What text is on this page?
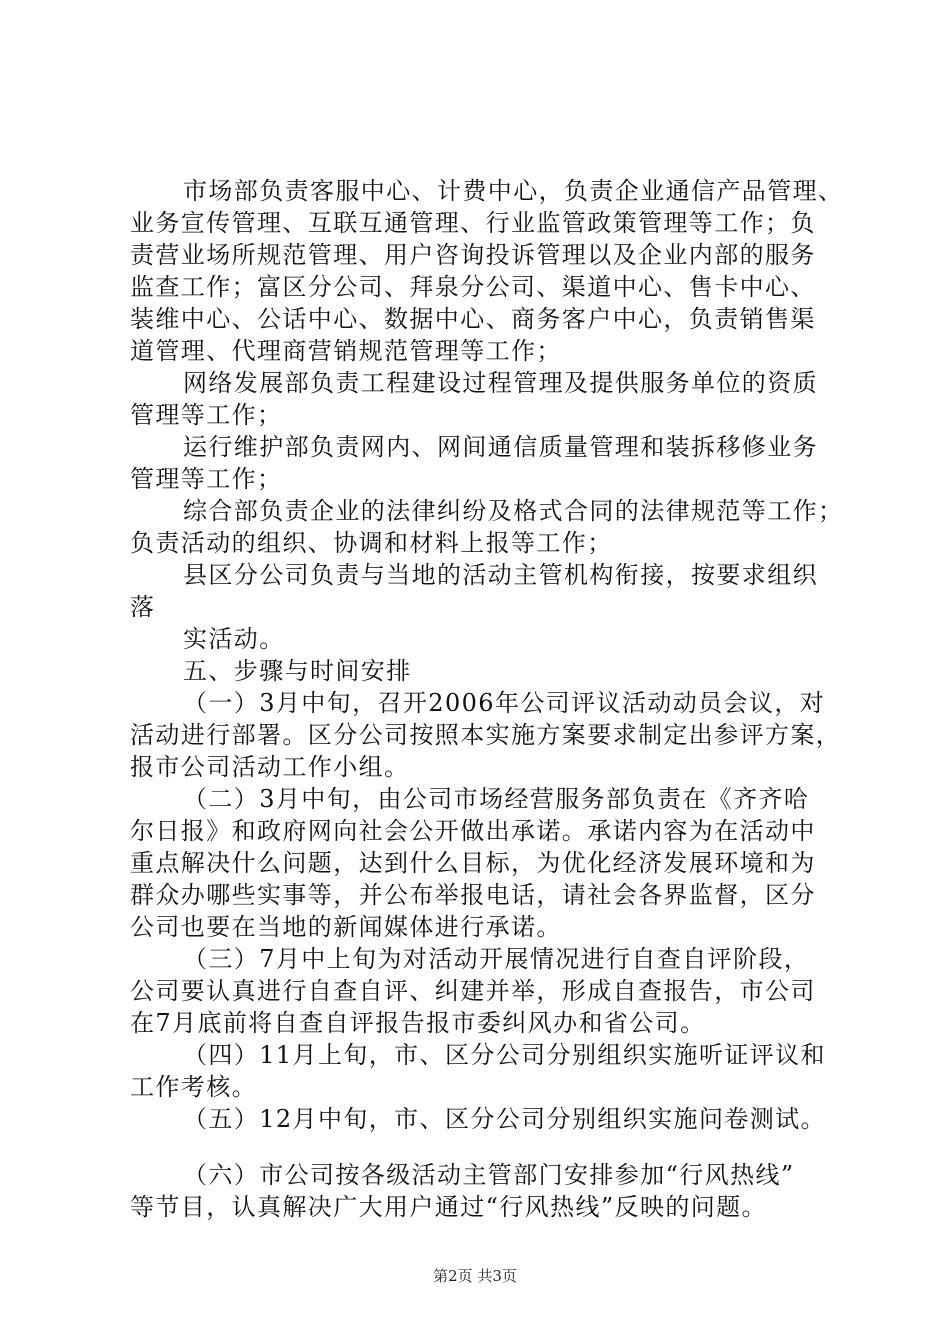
市场部负责客服中心、计费中心，负责企业通信产品管理、
业务宣传管理、互联互通管理、行业监管政策管理等工作；负
责营业场所规范管理、用户咨询投诉管理以及企业内部的服务
监查工作；富区分公司、拜泉分公司、渠道中心、售卡中心、
装维中心、公话中心、数据中心、商务客户中心，负责销售渠
道管理、代理商营销规范管理等工作；
网络发展部负责工程建设过程管理及提供服务单位的资质
管理等工作；
运行维护部负责网内、网间通信质量管理和装拆移修业务
管理等工作；
综合部负责企业的法律纠纷及格式合同的法律规范等工作；
负责活动的组织、协调和材料上报等工作；
县区分公司负责与当地的活动主管机构衔接，按要求组织
落
实活动。
五、步骤与时间安排
（一）3月中旬，召开2006年公司评议活动动员会议，对
活动进行部署。区分公司按照本实施方案要求制定出参评方案，
报市公司活动工作小组。
（二）3月中旬，由公司市场经营服务部负责在《齐齐哈
尔日报》和政府网向社会公开做出承诺。承诺内容为在活动中
重点解决什么问题，达到什么目标，为优化经济发展环境和为
群众办哪些实事等，并公布举报电话，请社会各界监督，区分
公司也要在当地的新闻媒体进行承诺。
（三）7月中上旬为对活动开展情况进行自查自评阶段，
公司要认真进行自查自评、纠建并举，形成自查报告，市公司
在7月底前将自查自评报告报市委纠风办和省公司。
（四）11月上旬，市、区分公司分别组织实施听证评议和
工作考核。
（五）12月中旬，市、区分公司分别组织实施问卷测试。
（六）市公司按各级活动主管部门安排参加“行风热线”
等节目，认真解决广大用户通过“行风热线”反映的问题。
第2页 共3页
